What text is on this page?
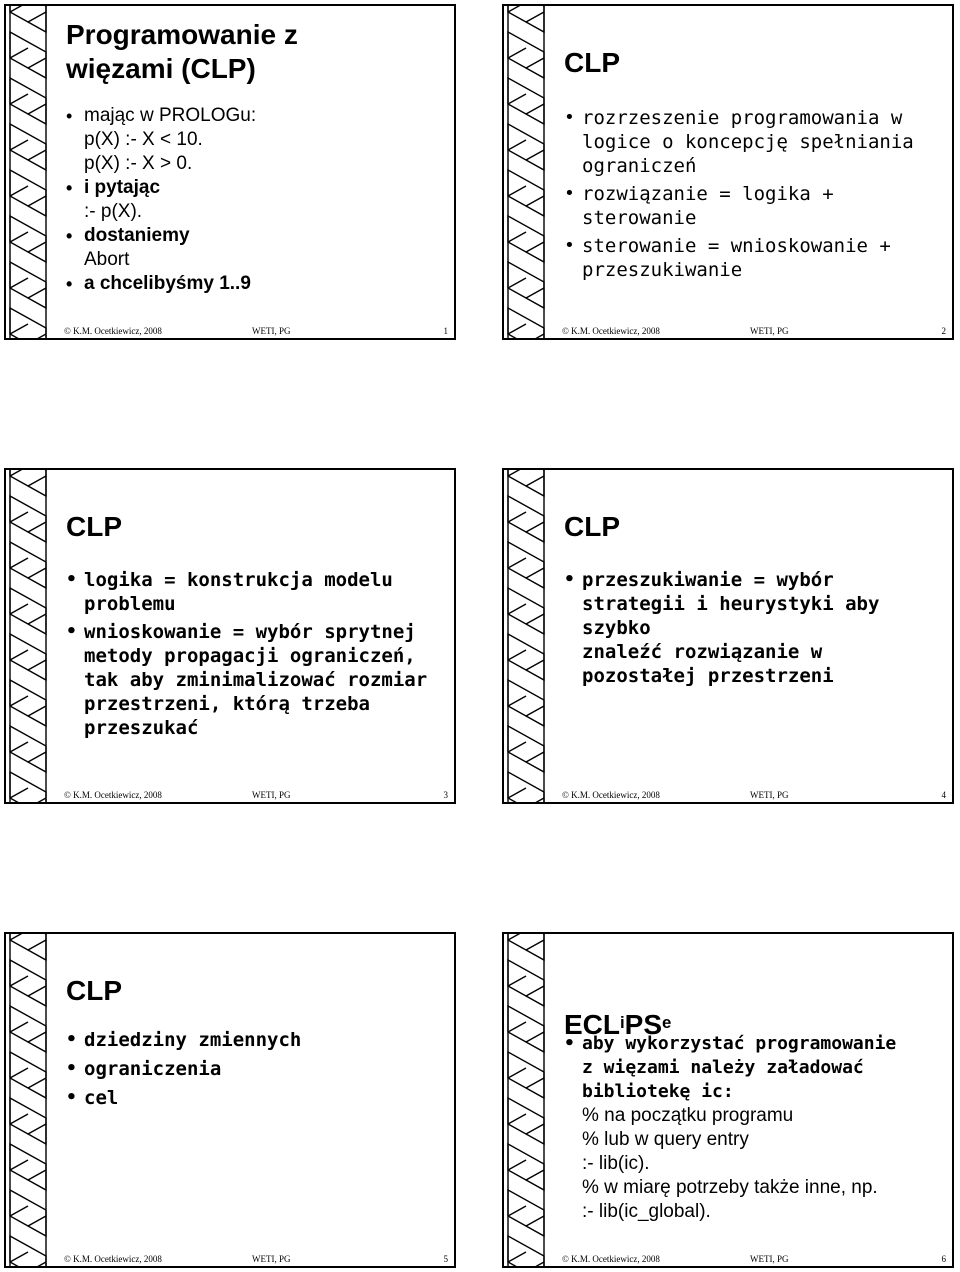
Programowanie z
więzami (CLP)
• mając w PROLOGu:
p(X) :- X < 10.
p(X) :- X > 0.
• i pytając
:- p(X).
• dostaniemy
Abort
• a chcelibyśmy 1..9
© K.M. Ocetkiewicz, 2008	WETI, PG	1
CLP
• rozrzeszenie programowania w
logice o koncepcję spełniania
ograniczeń
• rozwiązanie = logika +
sterowanie
• sterowanie = wnioskowanie +
przeszukiwanie
© K.M. Ocetkiewicz, 2008	WETI, PG	2
CLP
• logika = konstrukcja modelu
problemu
• wnioskowanie = wybór sprytnej
metody propagacji ograniczeń,
tak aby zminimalizować rozmiar
przestrzeni, którą trzeba
przeszukać
© K.M. Ocetkiewicz, 2008	WETI, PG	3
CLP
• przeszukiwanie = wybór
strategii i heurystyki aby szybko
znaleźć rozwiązanie w
pozostałej przestrzeni
© K.M. Ocetkiewicz, 2008	WETI, PG	4
CLP
• dziedziny zmiennych
• ograniczenia
• cel
© K.M. Ocetkiewicz, 2008	WETI, PG	5

$ECL^iPS^e$

• aby wykorzystać programowanie
z więzami należy załadować
bibliotekę ic:
% na początku programu
% lub w query entry
:- lib(ic).
% w miarę potrzeby także inne, np.
:- lib(ic_global).
© K.M. Ocetkiewicz, 2008	WETI, PG	6
